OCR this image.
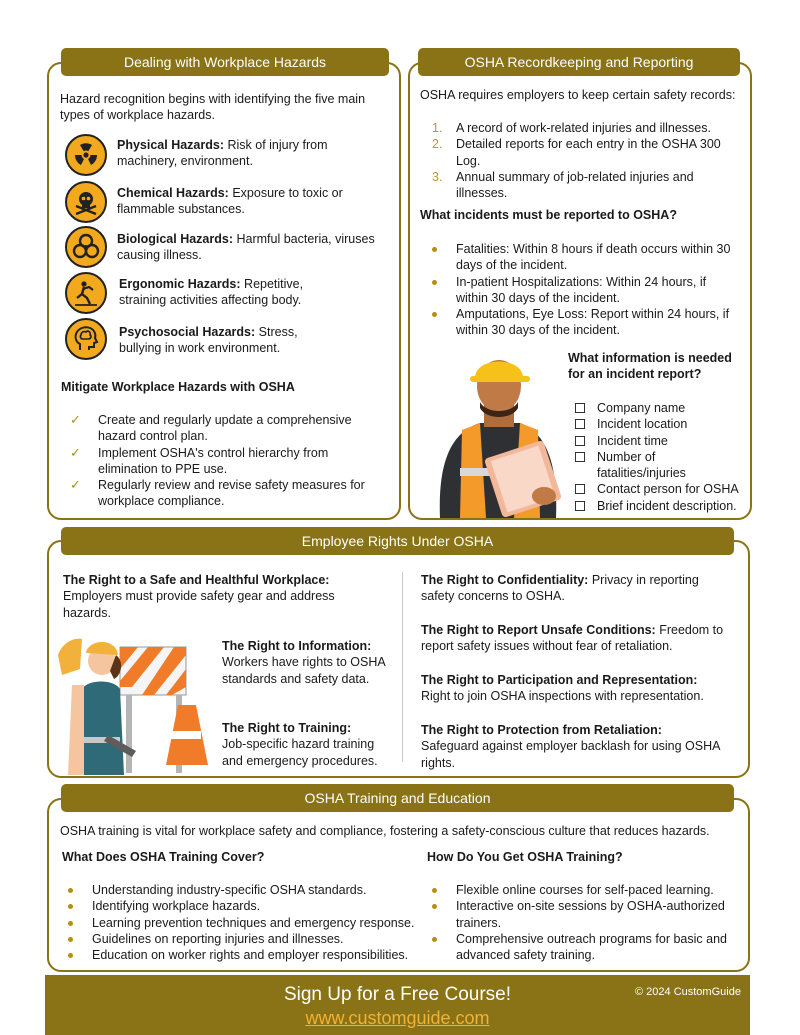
Dealing with Workplace Hazards
Hazard recognition begins with identifying the five main types of workplace hazards.
Physical Hazards: Risk of injury from machinery, environment.
Chemical Hazards: Exposure to toxic or flammable substances.
Biological Hazards: Harmful bacteria, viruses causing illness.
Ergonomic Hazards: Repetitive, straining activities affecting body.
Psychosocial Hazards: Stress, bullying in work environment.
Mitigate Workplace Hazards with OSHA
✓ Create and regularly update a comprehensive hazard control plan.
✓ Implement OSHA's control hierarchy from elimination to PPE use.
✓ Regularly review and revise safety measures for workplace compliance.
OSHA Recordkeeping and Reporting
OSHA requires employers to keep certain safety records:
1. A record of work-related injuries and illnesses.
2. Detailed reports for each entry in the OSHA 300 Log.
3. Annual summary of job-related injuries and illnesses.
What incidents must be reported to OSHA?
Fatalities: Within 8 hours if death occurs within 30 days of the incident.
In-patient Hospitalizations: Within 24 hours, if within 30 days of the incident.
Amputations, Eye Loss: Report within 24 hours, if within 30 days of the incident.
What information is needed for an incident report?
Company name
Incident location
Incident time
Number of fatalities/injuries
Contact person for OSHA
Brief incident description.
Employee Rights Under OSHA
The Right to a Safe and Healthful Workplace:
Employers must provide safety gear and address hazards.
The Right to Information:
Workers have rights to OSHA standards and safety data.
The Right to Training:
Job-specific hazard training and emergency procedures.
The Right to Confidentiality: Privacy in reporting safety concerns to OSHA.
The Right to Report Unsafe Conditions: Freedom to report safety issues without fear of retaliation.
The Right to Participation and Representation:
Right to join OSHA inspections with representation.
The Right to Protection from Retaliation:
Safeguard against employer backlash for using OSHA rights.
OSHA Training and Education
OSHA training is vital for workplace safety and compliance, fostering a safety-conscious culture that reduces hazards.
What Does OSHA Training Cover?
Understanding industry-specific OSHA standards.
Identifying workplace hazards.
Learning prevention techniques and emergency response.
Guidelines on reporting injuries and illnesses.
Education on worker rights and employer responsibilities.
How Do You Get OSHA Training?
Flexible online courses for self-paced learning.
Interactive on-site sessions by OSHA-authorized trainers.
Comprehensive outreach programs for basic and advanced safety training.
Sign Up for a Free Course!
www.customguide.com
© 2024 CustomGuide
